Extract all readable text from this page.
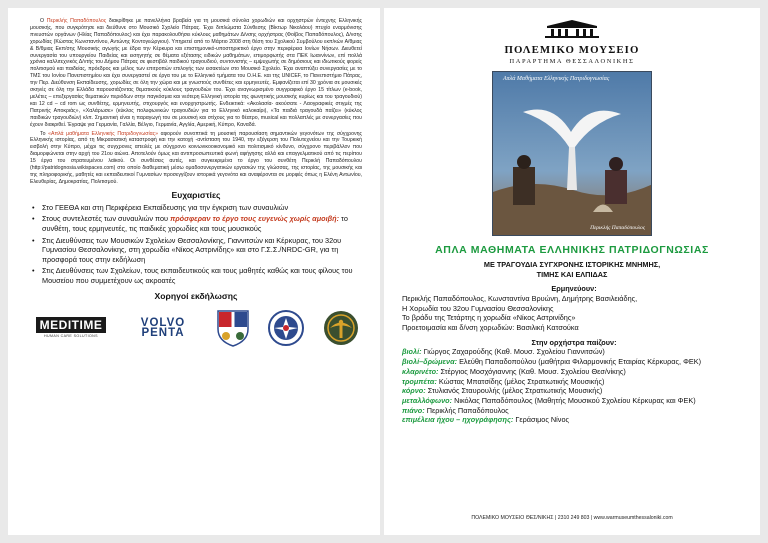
Ο Περικλής Παπαδόπουλος διακρίθηκε με πανελλήνια βραβεία για τη μουσικά σύνολα χορωδιών και ορχηστρών έντεχνης Ελληνικής μουσικής, που συγκρότησε και διεύθυνε στο Μουσικό Σχολείο Πάτρας. Έχει διπλώματα Σύνθεσης (Βίκτωρ Νικολάου) πτυχίο εναρμόνισης πνευστών οργάνων (Ηλίας Παπαδόπουλος) και έχει παρακολουθήσει κύκλους μαθημάτων Δ/νσης ορχήστρας (Φοίβος Παπαδόπουλος), Δ/νσης χορωδίας (Κώστας Κωνσταντίνου, Αντώνης Κοντογεώργιου). Υπηρετεί από το Μάρτιο 2008 στη θέση του Σχολικού Συμβούλου εκπ/κών Α/θμιας & Β/θμιας Εκπ/σης Μουσικής αγωγής με έδρα την Κέρκυρα και επιστημονικό-υποστηρικτικό έργο στην περιφέρεια Ιονίων Νήσων. Διευθετεί συνεργασία του υπουργείου Παιδείας και εισηγητής σε θέματα εξέτασης ειδικών μαθημάτων, επιμορφωτής στα ΠΕΚ Ιωαννίνων, επί πολλά χρόνια καλλιτεχνικός Δ/ντής του Δήμου Πάτρας σε φεστιβάλ παιδικού τραγουδιού, συντονιστής – εμψυχωτής σε δημόσιους και ιδιωτικούς φορείς πολιτισμού και παιδείας, πρόεδρος και μέλος των επιτροπών επιλογής των εισακτέων στο Μουσικό Σχολείο. Έχει αναπτύξει συνεργασίες με το ΤΜΣ του Ιονίου Πανεπιστημίου και έχει συνεργαστεί σε έργα του με το Ελληνικό τμήματα του Ο.Η.Ε. και της UNICEF, το Πανεπιστήμιο Πάτρας, την Περ. Διεύθυνση Εκπαίδευσης, χορωδίες σε όλη την χώρα και με γνωστούς συνθέτες και ερμηνευτές. Εμφανίζεται επί 30 χρόνια σε μουσικές σκηνές σε όλη την Ελλάδα παρουσιάζοντας θεματικούς κύκλους τραγουδιών του. Έχει αναγνωρισμένο συγγραφικό έργο 15 τίτλων (e-book, μελέτες – επεξεργασίες θεματικών περιόδων στην παγκόσμια και νεότερη Ελληνική ιστορία της φωνητικής μουσικής κυρίως και του τραγουδιού) και 12 cd – cd rom ως συνθέτης, ερμηνευτής, στιχουργός και ενορχηστρωτής. Ενδεικτικά: «Ακολασία- ακούσατε - Λαογραφικές στιγμές της Πατρινής Αποκριάς», «Χαλάρωσε» (κύκλος πολυφωνικών τραγουδιών για το Ελληνικό καλοκαίρι), «Τα παιδιά τραγουδά παίζει» (κύκλος παιδικών τραγουδιών) κλπ. Σημαντική είναι η παραγωγή του σε μουσική και στίχους για το θέατρο, musical και πολλαπλές με συνεργασίες που έχουν διακριθεί. Έγραψε για Γερμανία, Γαλλία, Βέλγιο, Γερμανία, Αγγλία, Αμερική, Κύπρο, Καναδά.

Το «Απλά μαθήματα Ελληνικής Πατριδογνωσίας» αφορούν συνοπτικά τη μουσική παρουσίαση σημαντικών γεγονότων της σύγχρονης Ελληνικής ιστορίας, από τη Μικρασιατική καταστροφή και την κατοχή -αντίσταση του 1940, την εξέγερση του Πολυτεχνείου και την Τουρκική εισβολή στην Κύπρο, μέχρι τις συγχρονες απειλές με σύγχρονο κοινωνικοοικονομικό και πολιτισμικό κίνδυνο, σύγχρονο περιβάλλον που διαμορφώνεται στην αρχή του 21ου αιώνα. Αποτελούν όμως και αντιπροσωπευτικά φωνή αφήγησης αλλά και επαγγελματικού από τις περίπου 15 έργα του στρατευμένου λαϊκού. Οι συνθέσεις αυτές, και συγκεκριμένα το έργο του συνθέτη Περικλή Παπαδόπουλου (http://patridognosia.wikispaces.com) στο οποίο διαθεματική μέσω ομαδοσυνεργατικών εργασιών της γλώσσας, της ιστορίας, της μουσικής και της πληροφορικής, μαθητές και εκπαιδευτικοί Γυμνασίων προσεγγίζουν ιστορικά γεγονότα και αναφέρονται σε μορφές όπως η Ελένη Αντωνίου, Ελευθερίας, Δημοκρατίας, Πολιτισμού.

Ευχαριστίες
• Στο ΓΕΕΘΑ και στη Περιφέρεια Εκπαίδευσης για την έγκριση των συναυλιών
• Στους συντελεστές των συναυλιών που πρόσφεραν το έργο τους ευγενώς χωρίς αμοιβή: το συνθέτη, τους ερμηνευτές, τις παιδικές χορωδίες και τους μουσικούς
• Στις Διευθύνσεις των Μουσικών Σχολείων Θεσσαλονίκης, Γιαννιτσών και Κέρκυρας, του 32ου Γυμνασίου Θεσσαλονίκης, στη χορωδία «Νίκος Αστρινίδης» και στο Γ.Σ.Σ./NRDC-GR, για τη προσφορά τους στην εκδήλωση
• Στις Διευθύνσεις των Σχολείων, τους εκπαιδευτικούς και τους μαθητές καθώς και τους φίλους του Μουσείου που συμμετέχουν ως ακροατές
Χορηγοί εκδήλωσης
MEDITIME
HUMAN CARE SOLUTIONS
VOLVO
PENTA
ΠΟΛΕΜΙΚΟ ΜΟΥΣΕΙΟ
ΠΑΡΑΡΤΗΜΑ ΘΕΣΣΑΛΟΝΙΚΗΣ
Απλά Μαθήματα Ελληνικής Πατριδογνωσίας
Περικλής Παπαδόπουλος
ΑΠΛΑ ΜΑΘΗΜΑΤΑ ΕΛΛΗΝΙΚΗΣ ΠΑΤΡΙΔΟΓΝΩΣΙΑΣ
ΜΕ ΤΡΑΓΟΥΔΙΑ ΣΥΓΧΡΟΝΗΣ ΙΣΤΟΡΙΚΗΣ ΜΝΗΜΗΣ,
ΤΙΜΗΣ ΚΑΙ ΕΛΠΙΔΑΣ
Ερμηνεύουν:
Περικλής Παπαδόπουλος, Κωνσταντίνα Βρυώνη, Δημήτρης Βασιλειάδης,
Η Χορωδία του 32ου Γυμνασίου Θεσσαλονίκης
Το βράδυ της Τετάρτης η χορωδία «Νίκος Αστρινίδης»
Προετοιμασία και δ/νση χορωδιών: Βασιλική Κατσούκα
Στην ορχήστρα παίζουν:
βιολί: Γιώργος Ζαχαρούδης (Καθ. Μουσ. Σχολείου Γιαννιτσών)
βιολί–δρώμενα: Ελεύθη Παπαδοπούλου (μαθήτρια Φιλαρμονικής Εταιρίας Κέρκυρας, ΦΕΚ)
κλαρινέτο: Στέργιος Μοσχόγιαννης (Καθ. Μουσ. Σχολείου Θεσ/νίκης)
τρομπέτα: Κώστας Μπατσίδης (μέλος Στρατιωτικής Μουσικής)
κόρνο: Στυλιανός Σταυρουλής (μέλος Στρατιωτικής Μουσικής)
μεταλλόφωνο: Νικόλας Παπαδόπουλος (Μαθητής Μουσικού Σχολείου Κέρκυρας και ΦΕΚ)
πιάνο: Περικλής Παπαδόπουλος
επιμέλεια ήχου – ηχογράφησης: Γεράσιμος Νίνος
ΠΟΛΕΜΙΚΟ ΜΟΥΣΕΙΟ ΘΕΣ/ΝΙΚΗΣ | 2310 249 803 | www.warmuseumthessaloniki.com
